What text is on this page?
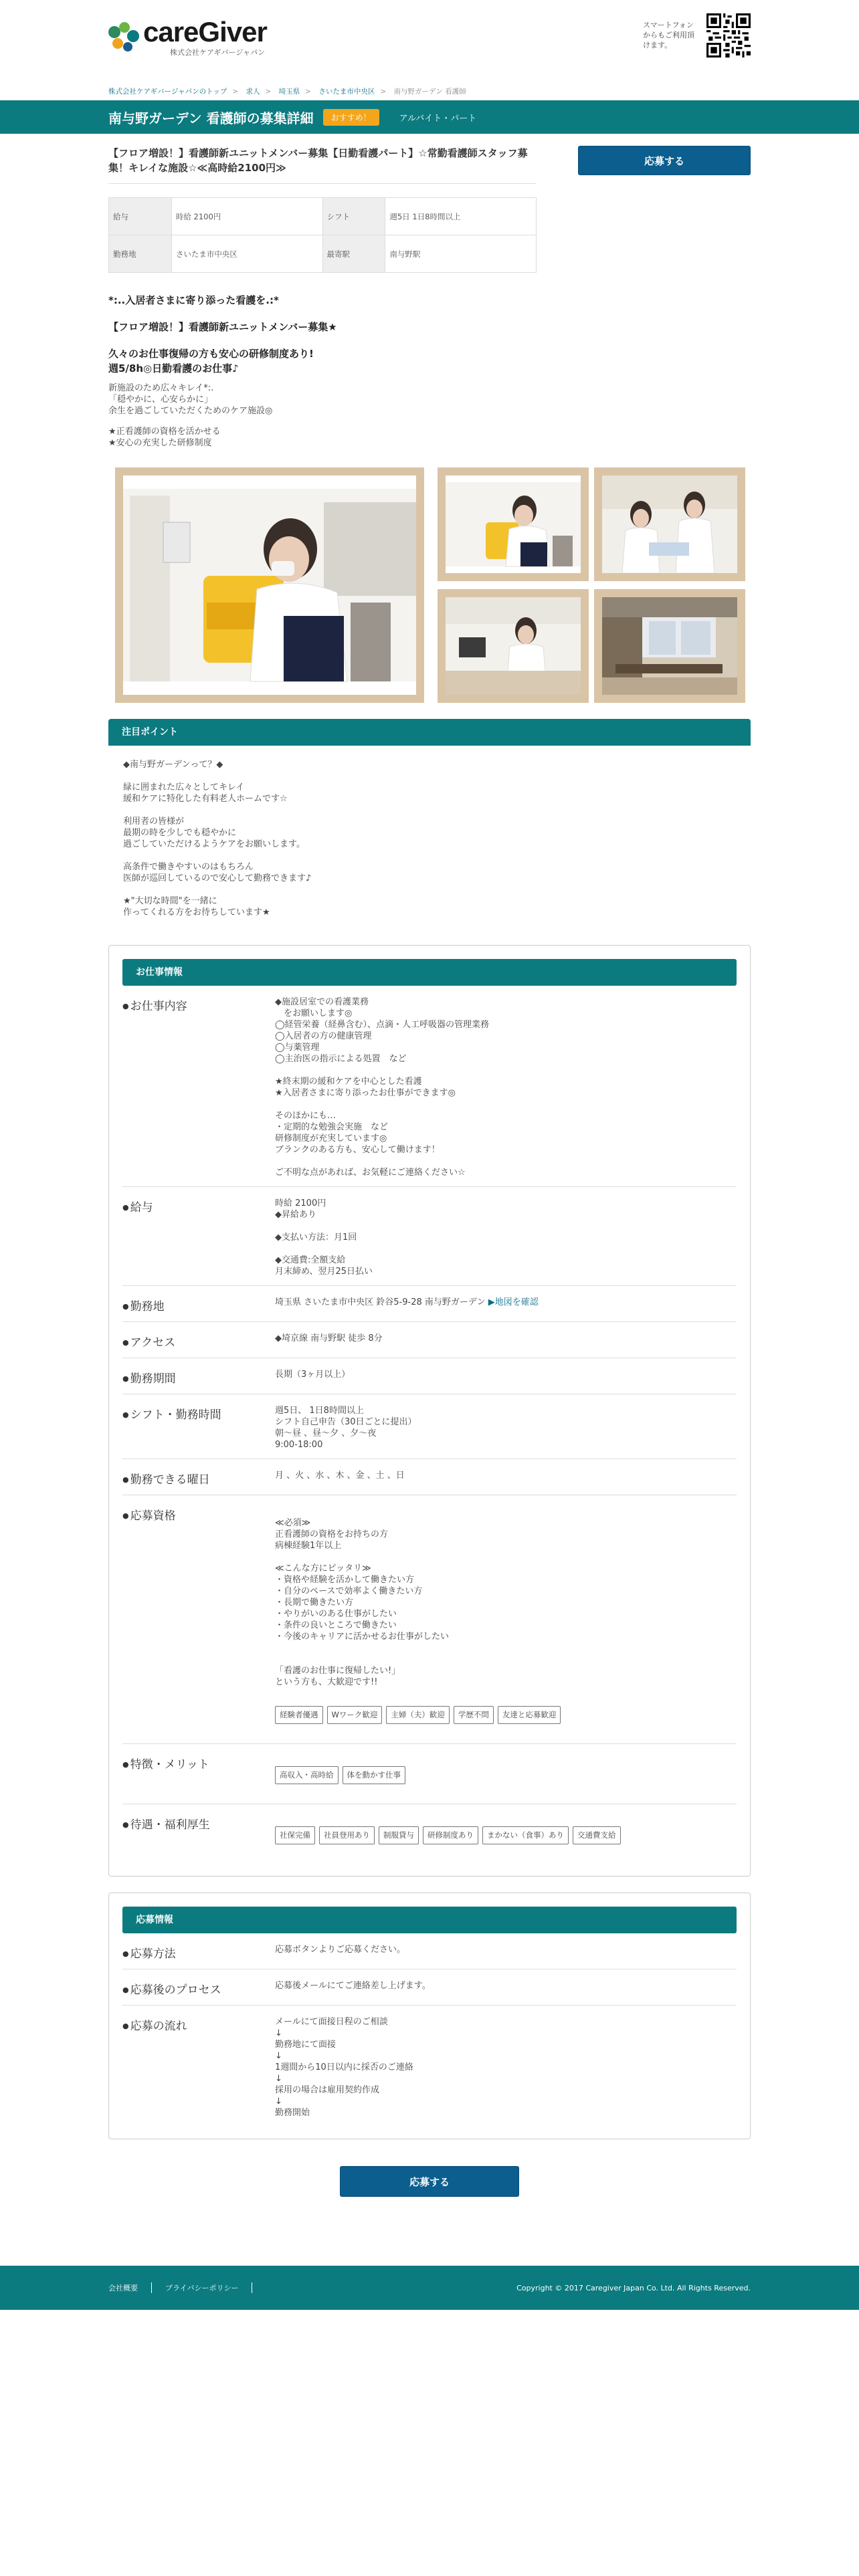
careGiver
株式会社ケアギバージャパン
スマートフォンからもご利用頂けます。
株式会社ケアギバージャパンのトップ > 求人 > 埼玉県 > さいたま市中央区 > 南与野ガーデン 看護師
南与野ガーデン 看護師の募集詳細	おすすめ！	アルバイト・パート
【フロア増設！】看護師新ユニットメンバー募集【日勤看護パート】☆常勤看護師スタッフ募集！キレイな施設☆≪高時給2100円≫
給与	時給 2100円	シフト	週5日 1日8時間以上
勤務地	さいたま市中央区	最寄駅	南与野駅
応募する

*:..入居者さまに寄り添った看護を.:*

【フロア増設！】看護師新ユニットメンバー募集★

久々のお仕事復帰の方も安心の研修制度あり!

週5/8h◎日勤看護のお仕事♪

新施設のため広々キレイ*:.
「穏やかに、心安らかに」
余生を過ごしていただくためのケア施設◎

★正看護師の資格を活かせる
★安心の充実した研修制度

注目ポイント
◆南与野ガーデンって？◆

緑に囲まれた広々としてキレイ
緩和ケアに特化した有料老人ホームです☆

利用者の皆様が
最期の時を少しでも穏やかに
過ごしていただけるようケアをお願いします。

高条件で働きやすいのはもちろん
医師が巡回しているので安心して勤務できます♪

★"大切な時間"を一緒に
作ってくれる方をお待ちしています★
お仕事情報
● お仕事内容	◆施設居室での看護業務
　をお願いします◎
◯経管栄養（経鼻含む）、点滴・人工呼吸器の管理業務
◯入居者の方の健康管理
◯与薬管理
◯主治医の指示による処置　など

★終末期の緩和ケアを中心とした看護
★入居者さまに寄り添ったお仕事ができます◎

そのほかにも…
・定期的な勉強会実施　など
研修制度が充実しています◎
ブランクのある方も、安心して働けます！

ご不明な点があれば、お気軽にご連絡ください☆
● 給与	時給 2100円
◆昇給あり

◆支払い方法：月1回

◆交通費:全額支給
月末締め、翌月25日払い
● 勤務地	埼玉県 さいたま市中央区 鈴谷5-9-28 南与野ガーデン ▶地図を確認
● アクセス	◆埼京線 南与野駅 徒歩 8分
● 勤務期間	長期（3ヶ月以上）
● シフト・勤務時間	週5日、 1日8時間以上
シフト自己申告（30日ごとに提出）
朝〜昼 、昼〜夕 、夕〜夜
9:00-18:00
● 勤務できる曜日	月 、火 、水 、木 、金 、土 、日
● 応募資格

≪必須≫
正看護師の資格をお持ちの方
病棟経験1年以上

≪こんな方にピッタリ≫
・資格や経験を活かして働きたい方
・自分のペースで効率よく働きたい方
・長期で働きたい方
・やりがいのある仕事がしたい
・条件の良いところで働きたい
・今後のキャリアに活かせるお仕事がしたい

「看護のお仕事に復帰したい!」
という方も、大歓迎です!!

経験者優遇	Wワーク歓迎	主婦（夫）歓迎	学歴不問	友達と応募歓迎

● 特徴・メリット

高収入・高時給	体を動かす仕事

● 待遇・福利厚生

社保完備	社員登用あり	制服貸与	研修制度あり	まかない（食事）あり	交通費支給

応募情報
● 応募方法	応募ボタンよりご応募ください。
● 応募後のプロセス	応募後メールにてご連絡差し上げます。
● 応募の流れ	メールにて面接日程のご相談
↓
勤務地にて面接
↓
1週間から10日以内に採否のご連絡
↓
採用の場合は雇用契約作成
↓
勤務開始
応募する
会社概要	プライバシーポリシー	Copyright © 2017 Caregiver Japan Co. Ltd. All Rights Reserved.
